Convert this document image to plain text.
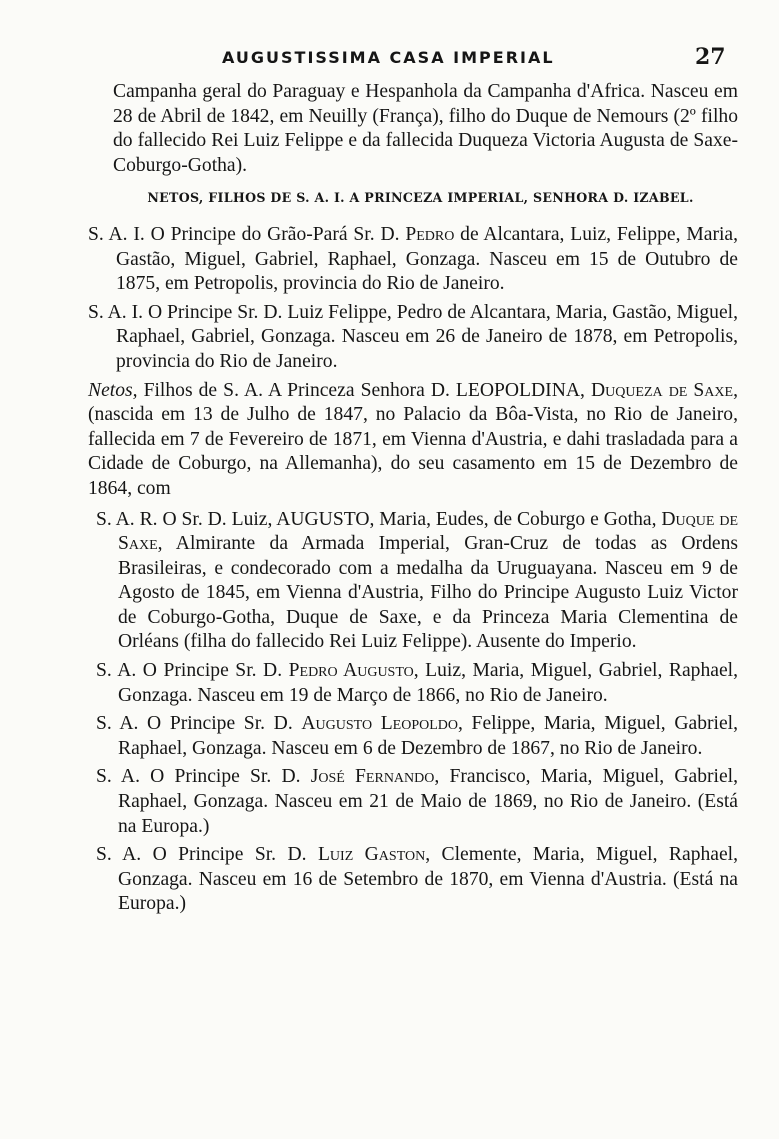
AUGUSTISSIMA CASA IMPERIAL	27

Campanha geral do Paraguay e Hespanhola da Campanha d'Africa. Nasceu em 28 de Abril de 1842, em Neuilly (França), filho do Duque de Nemours (2º filho do fallecido Rei Luiz Felippe e da fallecida Duqueza Victoria Augusta de Saxe-Coburgo-Gotha).

NETOS, FILHOS DE S. A. I. A PRINCEZA IMPERIAL, SENHORA D. IZABEL.

S. A. I. O Principe do Grão-Pará Sr. D. Pedro de Alcantara, Luiz, Felippe, Maria, Gastão, Miguel, Gabriel, Raphael, Gonzaga. Nasceu em 15 de Outubro de 1875, em Petropolis, provincia do Rio de Janeiro.

S. A. I. O Principe Sr. D. Luiz Felippe, Pedro de Alcantara, Maria, Gastão, Miguel, Raphael, Gabriel, Gonzaga. Nasceu em 26 de Janeiro de 1878, em Petropolis, provincia do Rio de Janeiro.

Netos, Filhos de S. A. A Princeza Senhora D. LEOPOLDINA, Duqueza de Saxe, (nascida em 13 de Julho de 1847, no Palacio da Bôa-Vista, no Rio de Janeiro, fallecida em 7 de Fevereiro de 1871, em Vienna d'Austria, e dahi trasladada para a Cidade de Coburgo, na Allemanha), do seu casamento em 15 de Dezembro de 1864, com

S. A. R. O Sr. D. Luiz, AUGUSTO, Maria, Eudes, de Coburgo e Gotha, Duque de Saxe, Almirante da Armada Imperial, Gran-Cruz de todas as Ordens Brasileiras, e condecorado com a medalha da Uruguayana. Nasceu em 9 de Agosto de 1845, em Vienna d'Austria, Filho do Principe Augusto Luiz Victor de Coburgo-Gotha, Duque de Saxe, e da Princeza Maria Clementina de Orléans (filha do fallecido Rei Luiz Felippe). Ausente do Imperio.

S. A. O Principe Sr. D. Pedro Augusto, Luiz, Maria, Miguel, Gabriel, Raphael, Gonzaga. Nasceu em 19 de Março de 1866, no Rio de Janeiro.

S. A. O Principe Sr. D. Augusto Leopoldo, Felippe, Maria, Miguel, Gabriel, Raphael, Gonzaga. Nasceu em 6 de Dezembro de 1867, no Rio de Janeiro.

S. A. O Principe Sr. D. José Fernando, Francisco, Maria, Miguel, Gabriel, Raphael, Gonzaga. Nasceu em 21 de Maio de 1869, no Rio de Janeiro. (Está na Europa.)

S. A. O Principe Sr. D. Luiz Gaston, Clemente, Maria, Miguel, Raphael, Gonzaga. Nasceu em 16 de Setembro de 1870, em Vienna d'Austria. (Está na Europa.)
